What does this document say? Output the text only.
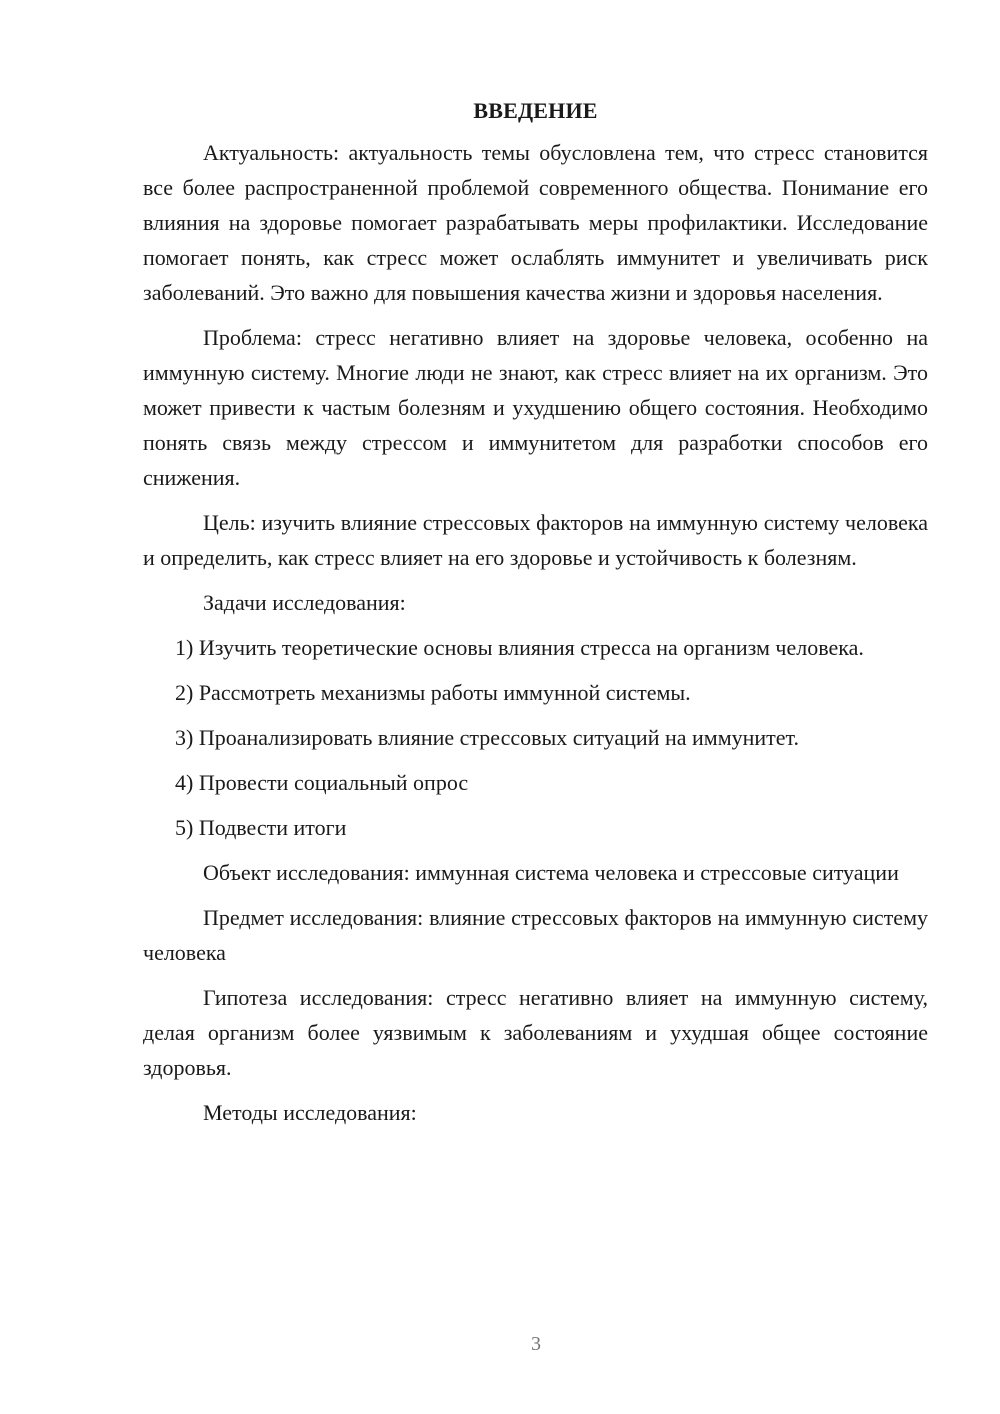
ВВЕДЕНИЕ

Актуальность: актуальность темы обусловлена тем, что стресс становится все более распространенной проблемой современного общества. Понимание его влияния на здоровье помогает разрабатывать меры профилактики. Исследование помогает понять, как стресс может ослаблять иммунитет и увеличивать риск заболеваний. Это важно для повышения качества жизни и здоровья населения.

Проблема: стресс негативно влияет на здоровье человека, особенно на иммунную систему. Многие люди не знают, как стресс влияет на их организм. Это может привести к частым болезням и ухудшению общего состояния. Необходимо понять связь между стрессом и иммунитетом для разработки способов его снижения.

Цель: изучить влияние стрессовых факторов на иммунную систему человека и определить, как стресс влияет на его здоровье и устойчивость к болезням.

Задачи исследования:

1) Изучить теоретические основы влияния стресса на организм человека.

2) Рассмотреть механизмы работы иммунной системы.

3) Проанализировать влияние стрессовых ситуаций на иммунитет.

4) Провести социальный опрос

5) Подвести итоги

Объект исследования: иммунная система человека и стрессовые ситуации

Предмет исследования: влияние стрессовых факторов на иммунную систему человека

Гипотеза исследования: стресс негативно влияет на иммунную систему, делая организм более уязвимым к заболеваниям и ухудшая общее состояние здоровья.

Методы исследования:

3
